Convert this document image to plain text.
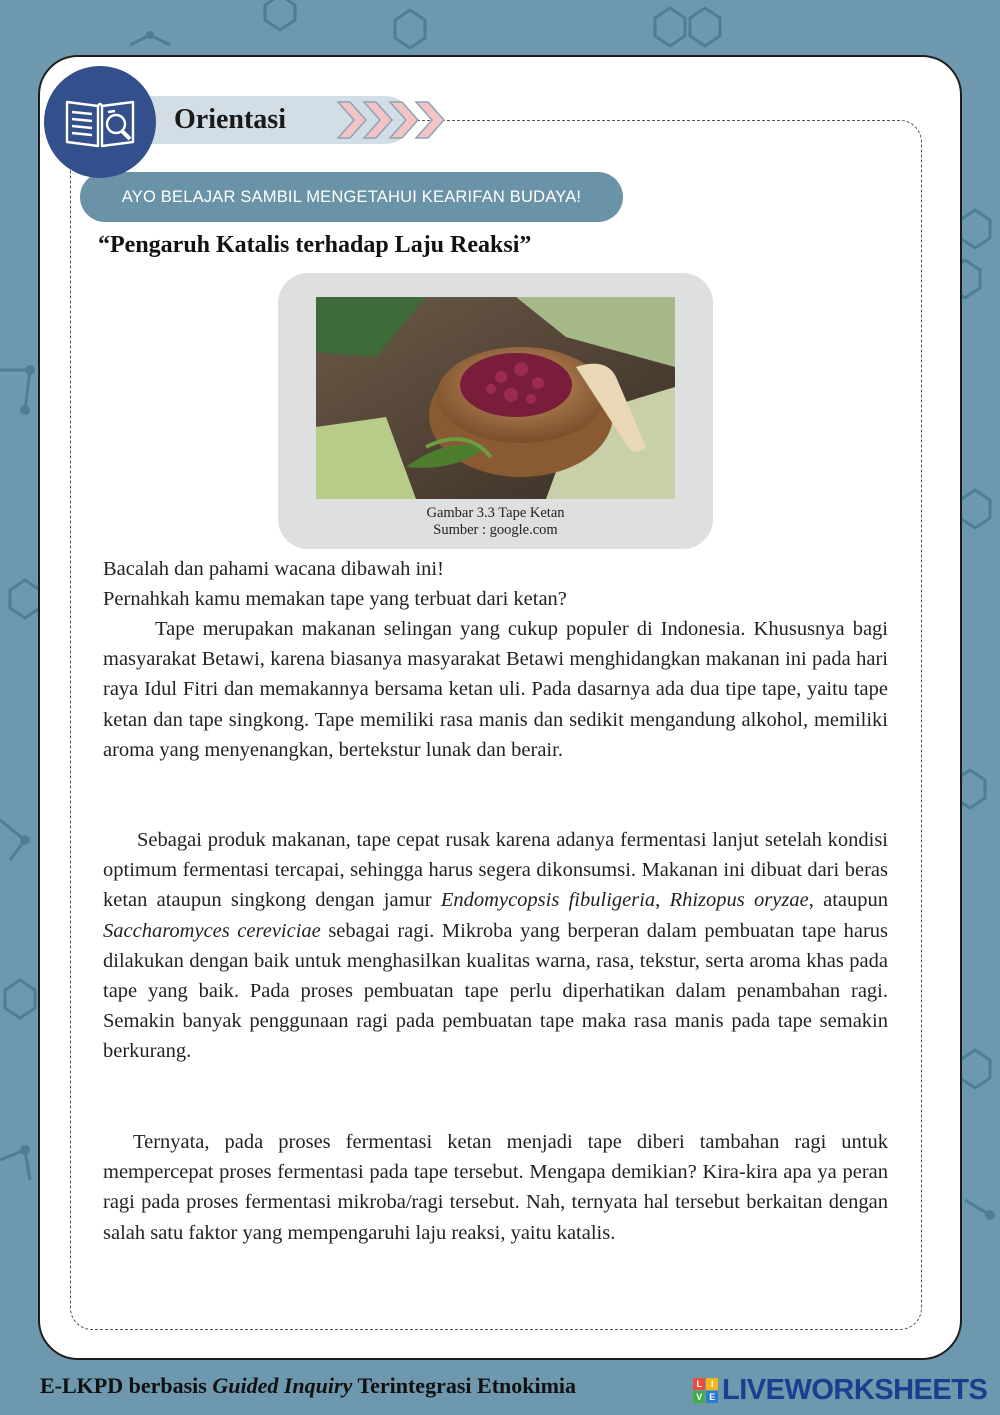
Orientasi
AYO BELAJAR SAMBIL MENGETAHUI KEARIFAN BUDAYA!
“Pengaruh Katalis terhadap Laju Reaksi”
Gambar 3.3 Tape Ketan
Sumber : google.com
Bacalah dan pahami wacana dibawah ini!
Pernahkah kamu memakan tape yang terbuat dari ketan?
Tape merupakan makanan selingan yang cukup populer di Indonesia. Khususnya bagi masyarakat Betawi, karena biasanya masyarakat Betawi menghidangkan makanan ini pada hari raya Idul Fitri dan memakannya bersama ketan uli. Pada dasarnya ada dua tipe tape, yaitu tape ketan dan tape singkong. Tape memiliki rasa manis dan sedikit mengandung alkohol, memiliki aroma yang menyenangkan, bertekstur lunak dan berair.
Sebagai produk makanan, tape cepat rusak karena adanya fermentasi lanjut setelah kondisi optimum fermentasi tercapai, sehingga harus segera dikonsumsi. Makanan ini dibuat dari beras ketan ataupun singkong dengan jamur Endomycopsis fibuligeria, Rhizopus oryzae, ataupun Saccharomyces cereviciae sebagai ragi. Mikroba yang berperan dalam pembuatan tape harus dilakukan dengan baik untuk menghasilkan kualitas warna, rasa, tekstur, serta aroma khas pada tape yang baik. Pada proses pembuatan tape perlu diperhatikan dalam penambahan ragi. Semakin banyak penggunaan ragi pada pembuatan tape maka rasa manis pada tape semakin berkurang.
Ternyata, pada proses fermentasi ketan menjadi tape diberi tambahan ragi untuk mempercepat proses fermentasi pada tape tersebut. Mengapa demikian? Kira-kira apa ya peran ragi pada proses fermentasi mikroba/ragi tersebut. Nah, ternyata hal tersebut berkaitan dengan salah satu faktor yang mempengaruhi laju reaksi, yaitu katalis.
E-LKPD berbasis Guided Inquiry Terintegrasi Etnokimia	L	I
V E LIVEWORKSHEETS
